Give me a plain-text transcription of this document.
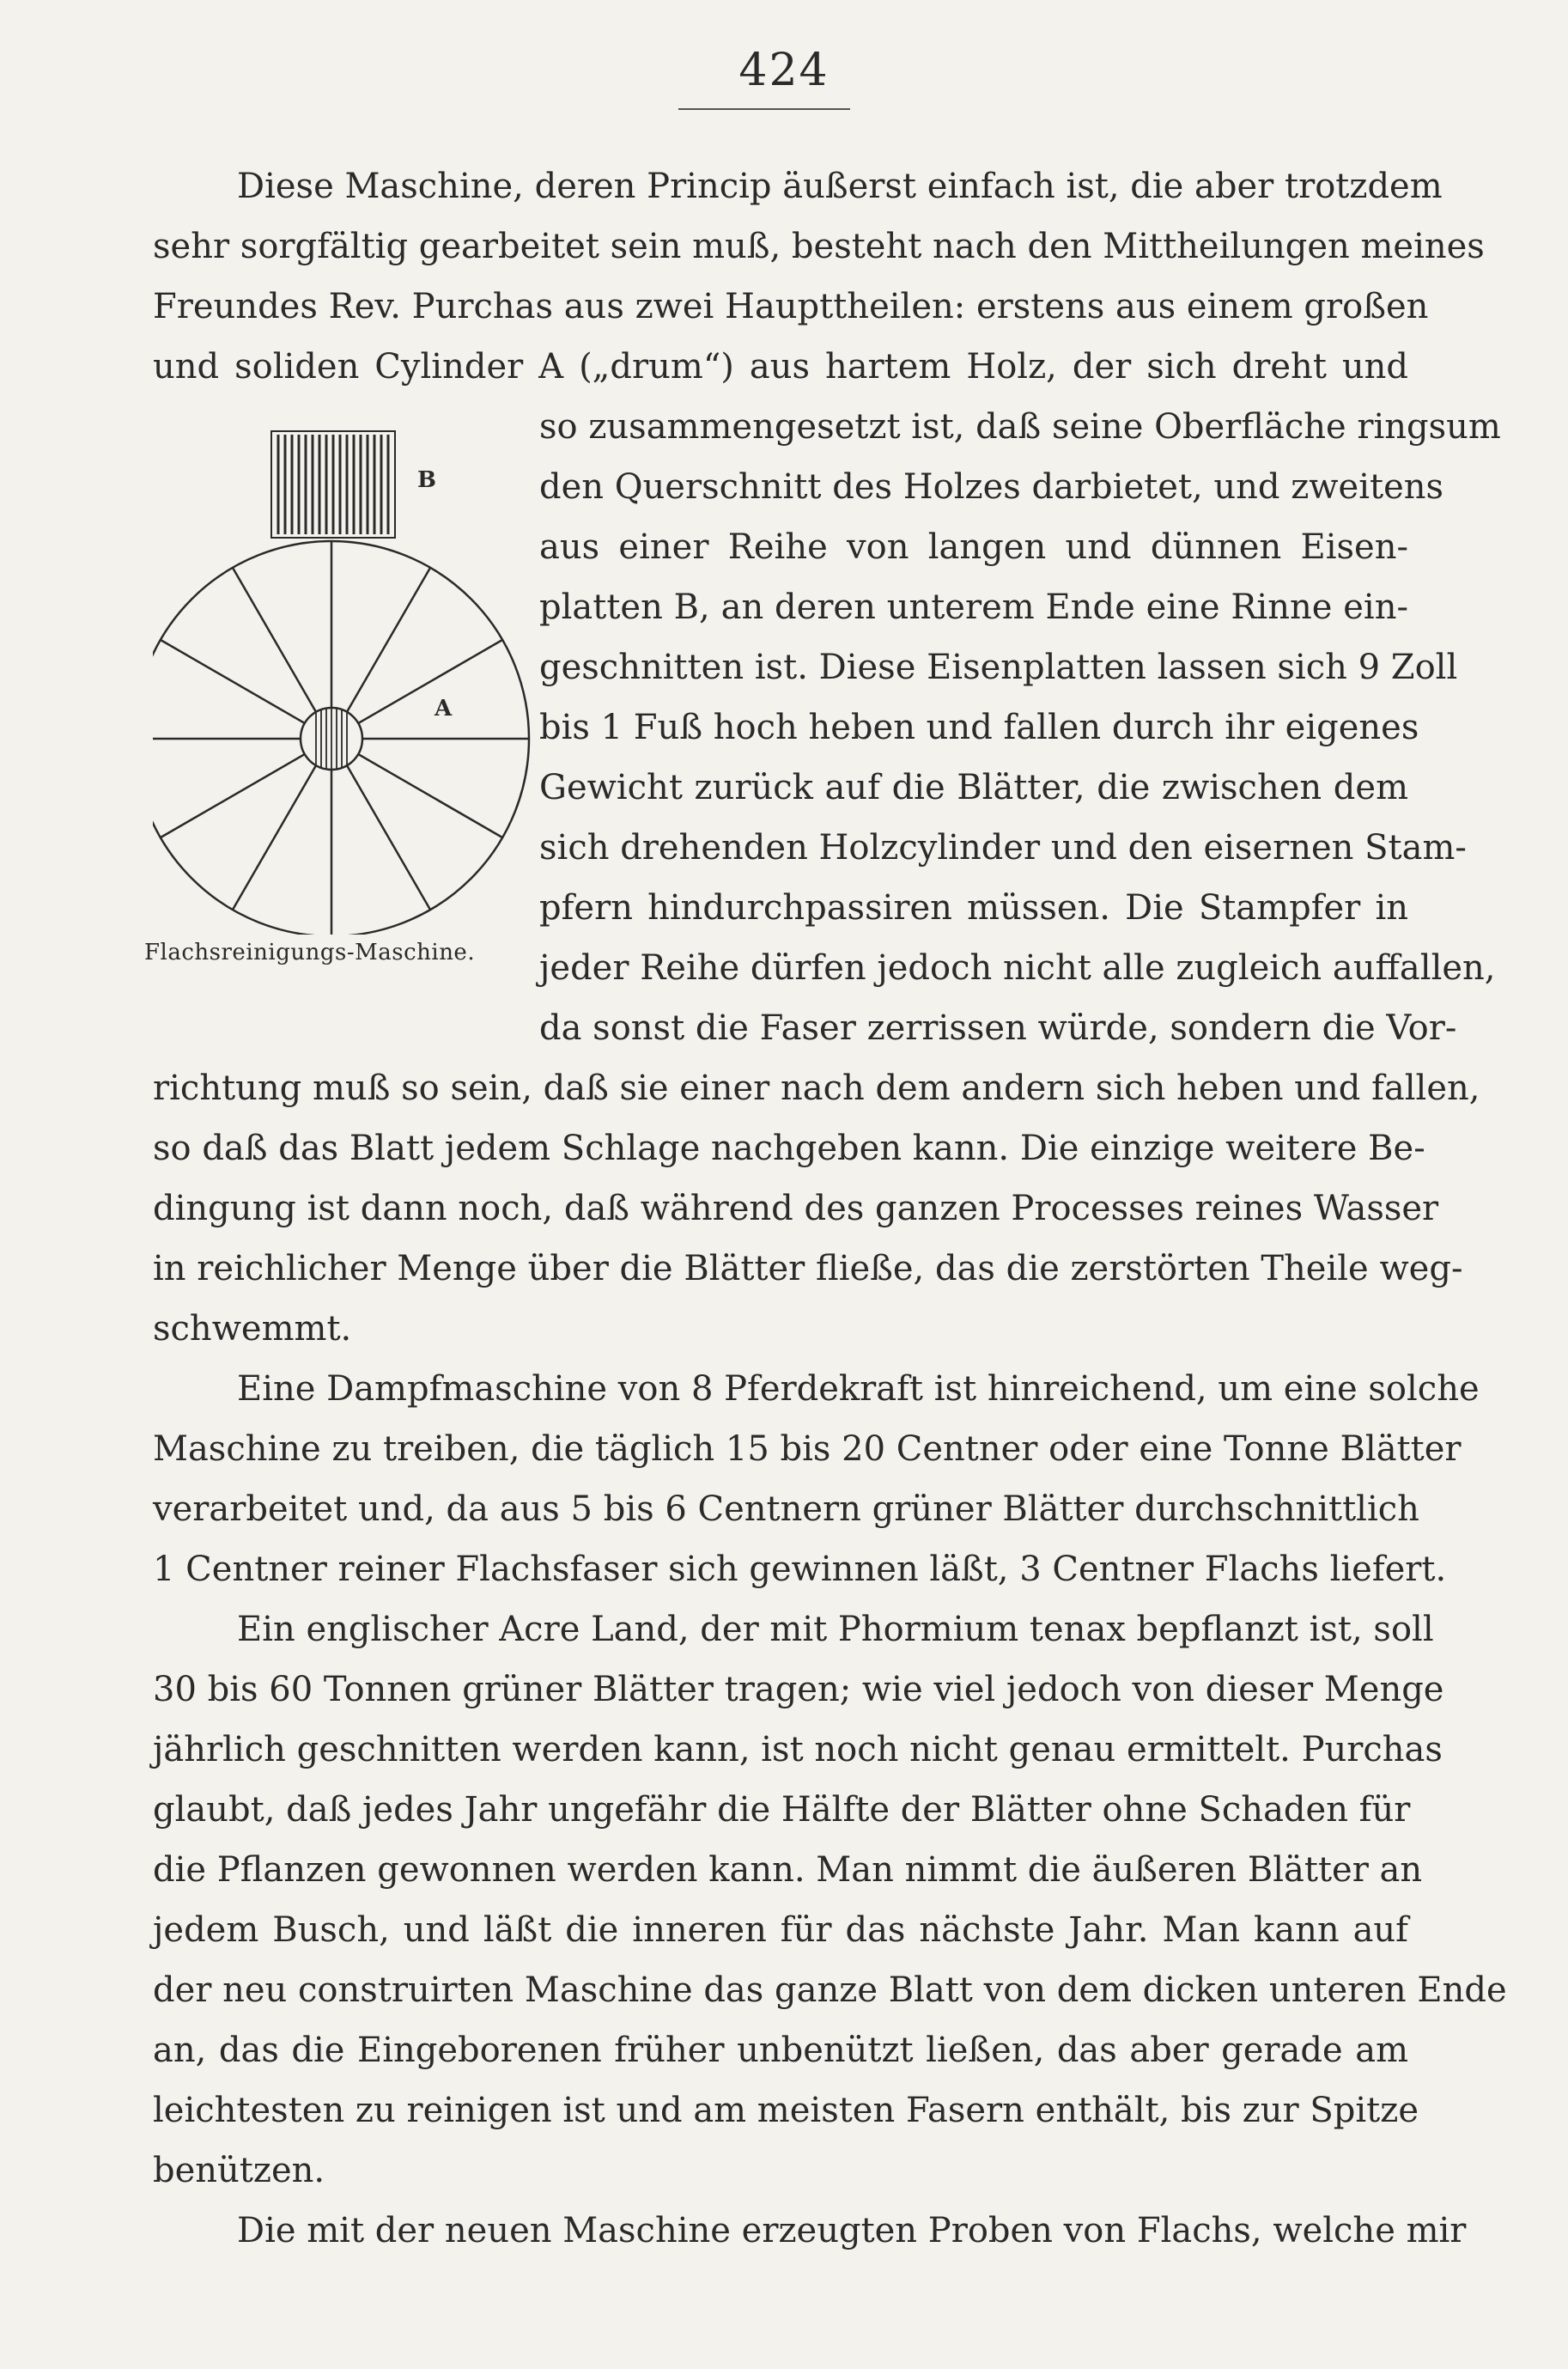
424
B
A
Flachsreinigungs-Maschine.
Diese Maschine, deren Princip äußerst einfach ist, die aber trotzdem
sehr sorgfältig gearbeitet sein muß, besteht nach den Mittheilungen meines
Freundes Rev. Purchas aus zwei Haupttheilen: erstens aus einem großen
und soliden Cylinder A („drum“) aus hartem Holz, der sich dreht und
so zusammengesetzt ist, daß seine Oberfläche ringsum
den Querschnitt des Holzes darbietet, und zweitens
aus einer Reihe von langen und dünnen Eisen-
platten B, an deren unterem Ende eine Rinne ein-
geschnitten ist. Diese Eisenplatten lassen sich 9 Zoll
bis 1 Fuß hoch heben und fallen durch ihr eigenes
Gewicht zurück auf die Blätter, die zwischen dem
sich drehenden Holzcylinder und den eisernen Stam-
pfern hindurchpassiren müssen. Die Stampfer in
jeder Reihe dürfen jedoch nicht alle zugleich auffallen,
da sonst die Faser zerrissen würde, sondern die Vor-
richtung muß so sein, daß sie einer nach dem andern sich heben und fallen,
so daß das Blatt jedem Schlage nachgeben kann. Die einzige weitere Be-
dingung ist dann noch, daß während des ganzen Processes reines Wasser
in reichlicher Menge über die Blätter fließe, das die zerstörten Theile weg-
schwemmt.
Eine Dampfmaschine von 8 Pferdekraft ist hinreichend, um eine solche
Maschine zu treiben, die täglich 15 bis 20 Centner oder eine Tonne Blätter
verarbeitet und, da aus 5 bis 6 Centnern grüner Blätter durchschnittlich
1 Centner reiner Flachsfaser sich gewinnen läßt, 3 Centner Flachs liefert.
Ein englischer Acre Land, der mit Phormium tenax bepflanzt ist, soll
30 bis 60 Tonnen grüner Blätter tragen; wie viel jedoch von dieser Menge
jährlich geschnitten werden kann, ist noch nicht genau ermittelt. Purchas
glaubt, daß jedes Jahr ungefähr die Hälfte der Blätter ohne Schaden für
die Pflanzen gewonnen werden kann. Man nimmt die äußeren Blätter an
jedem Busch, und läßt die inneren für das nächste Jahr. Man kann auf
der neu construirten Maschine das ganze Blatt von dem dicken unteren Ende
an, das die Eingeborenen früher unbenützt ließen, das aber gerade am
leichtesten zu reinigen ist und am meisten Fasern enthält, bis zur Spitze
benützen.
Die mit der neuen Maschine erzeugten Proben von Flachs, welche mir
